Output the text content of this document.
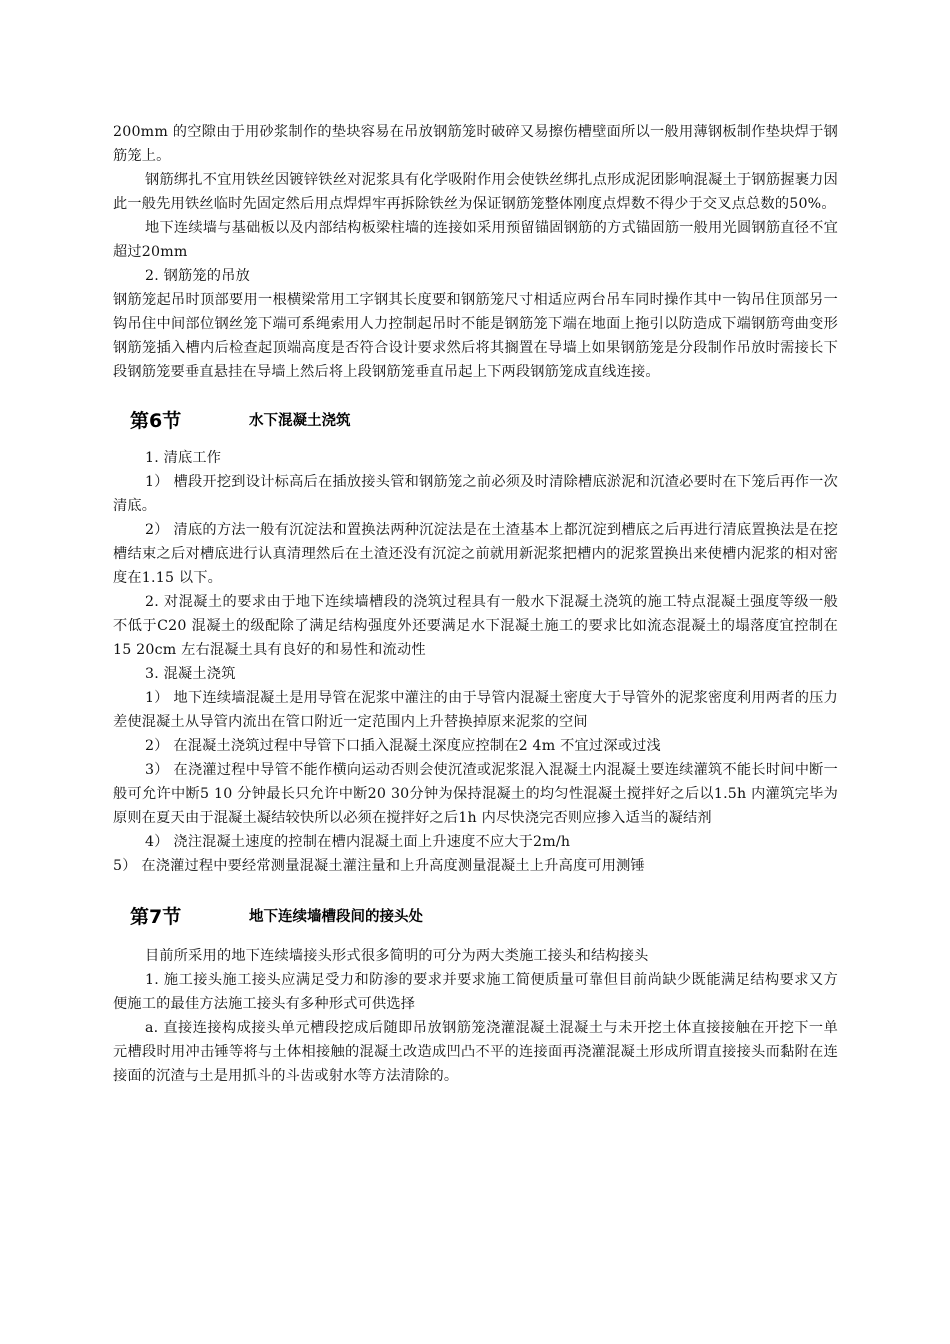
200mm 的空隙由于用砂浆制作的垫块容易在吊放钢筋笼时破碎又易擦伤槽壁面所以一般用薄钢板制作垫块焊于钢筋笼上。

钢筋绑扎不宜用铁丝因镀锌铁丝对泥浆具有化学吸附作用会使铁丝绑扎点形成泥团影响混凝土于钢筋握裹力因此一般先用铁丝临时先固定然后用点焊焊牢再拆除铁丝为保证钢筋笼整体刚度点焊数不得少于交叉点总数的50%。

地下连续墙与基础板以及内部结构板梁柱墙的连接如采用预留锚固钢筋的方式锚固筋一般用光圆钢筋直径不宜超过20mm

2. 钢筋笼的吊放

钢筋笼起吊时顶部要用一根横梁常用工字钢其长度要和钢筋笼尺寸相适应两台吊车同时操作其中一钩吊住顶部另一钩吊住中间部位钢丝笼下端可系绳索用人力控制起吊时不能是钢筋笼下端在地面上拖引以防造成下端钢筋弯曲变形钢筋笼插入槽内后检查起顶端高度是否符合设计要求然后将其搁置在导墙上如果钢筋笼是分段制作吊放时需接长下段钢筋笼要垂直悬挂在导墙上然后将上段钢筋笼垂直吊起上下两段钢筋笼成直线连接。

第6节	水下混凝土浇筑

1. 清底工作

1） 槽段开挖到设计标高后在插放接头管和钢筋笼之前必须及时清除槽底淤泥和沉渣必要时在下笼后再作一次清底。

2） 清底的方法一般有沉淀法和置换法两种沉淀法是在土渣基本上都沉淀到槽底之后再进行清底置换法是在挖槽结束之后对槽底进行认真清理然后在土渣还没有沉淀之前就用新泥浆把槽内的泥浆置换出来使槽内泥浆的相对密度在1.15 以下。

2. 对混凝土的要求由于地下连续墙槽段的浇筑过程具有一般水下混凝土浇筑的施工特点混凝土强度等级一般不低于C20 混凝土的级配除了满足结构强度外还要满足水下混凝土施工的要求比如流态混凝土的塌落度宜控制在15 20cm 左右混凝土具有良好的和易性和流动性

3. 混凝土浇筑

1） 地下连续墙混凝土是用导管在泥浆中灌注的由于导管内混凝土密度大于导管外的泥浆密度利用两者的压力差使混凝土从导管内流出在管口附近一定范围内上升替换掉原来泥浆的空间

2） 在混凝土浇筑过程中导管下口插入混凝土深度应控制在2 4m 不宜过深或过浅

3） 在浇灌过程中导管不能作横向运动否则会使沉渣或泥浆混入混凝土内混凝土要连续灌筑不能长时间中断一般可允许中断5 10 分钟最长只允许中断20 30分钟为保持混凝土的均匀性混凝土搅拌好之后以1.5h 内灌筑完毕为原则在夏天由于混凝土凝结较快所以必须在搅拌好之后1h 内尽快浇完否则应掺入适当的凝结剂

4） 浇注混凝土速度的控制在槽内混凝土面上升速度不应大于2m/h

5） 在浇灌过程中要经常测量混凝土灌注量和上升高度测量混凝土上升高度可用测锤

第7节	地下连续墙槽段间的接头处

目前所采用的地下连续墙接头形式很多简明的可分为两大类施工接头和结构接头

1. 施工接头施工接头应满足受力和防渗的要求并要求施工简便质量可靠但目前尚缺少既能满足结构要求又方便施工的最佳方法施工接头有多种形式可供选择

a. 直接连接构成接头单元槽段挖成后随即吊放钢筋笼浇灌混凝土混凝土与未开挖土体直接接触在开挖下一单元槽段时用冲击锤等将与土体相接触的混凝土改造成凹凸不平的连接面再浇灌混凝土形成所谓直接接头而黏附在连接面的沉渣与土是用抓斗的斗齿或射水等方法清除的。
